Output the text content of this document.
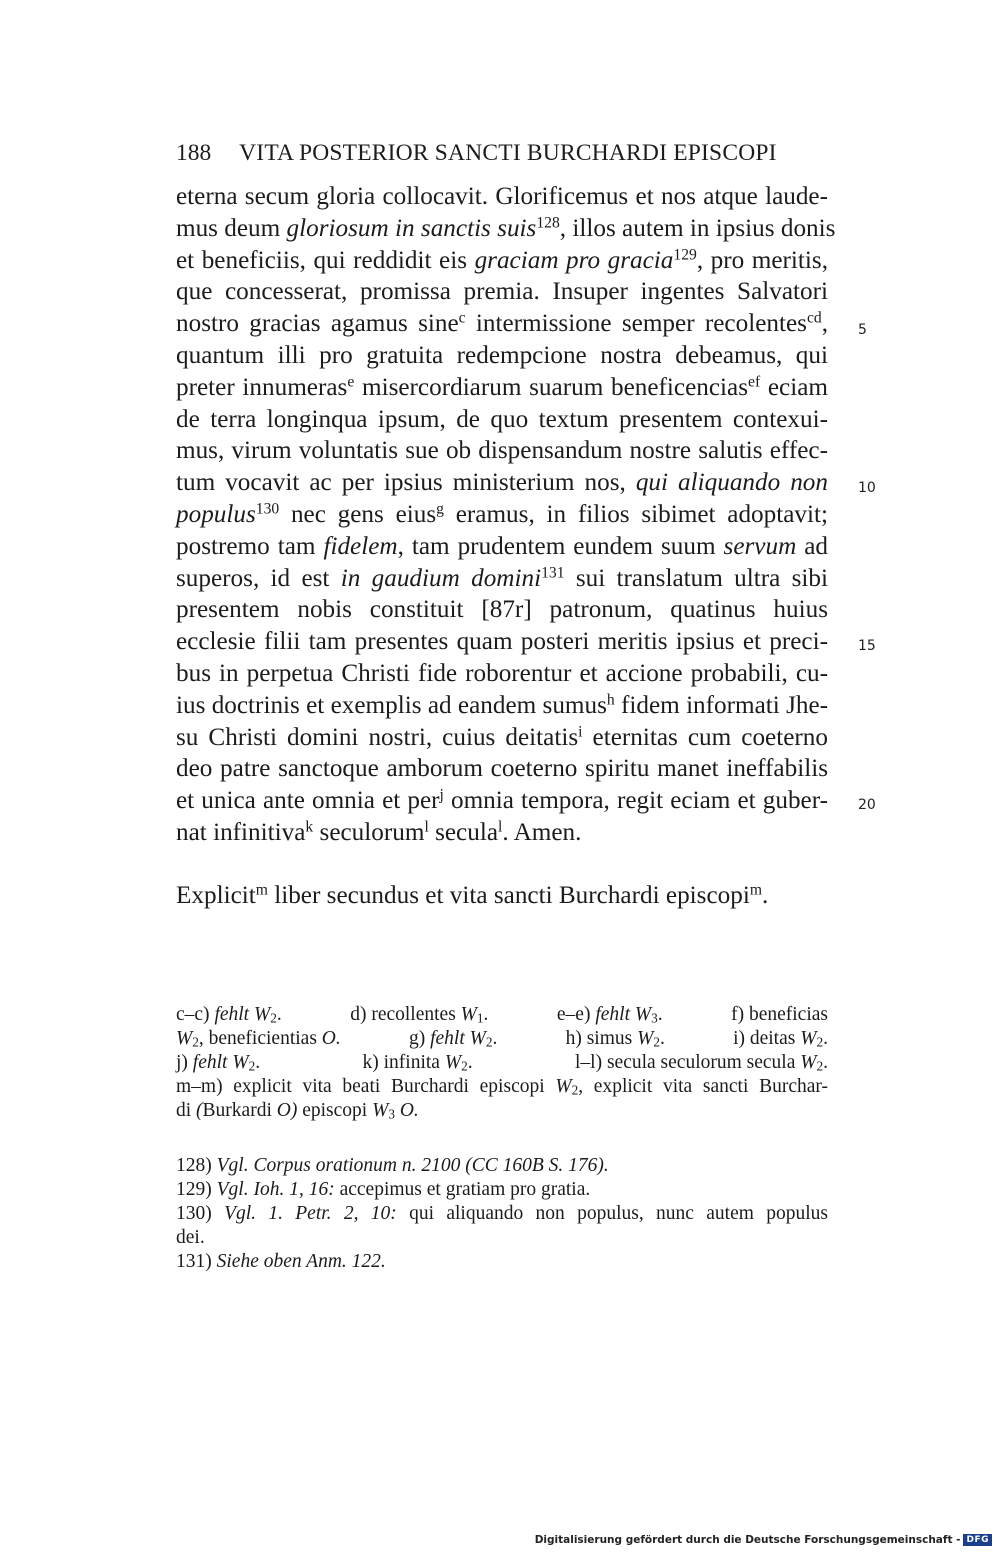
188 VITA POSTERIOR SANCTI BURCHARDI EPISCOPI
eterna secum gloria collocavit. Glorificemus et nos atque laude-
mus deum gloriosum in sanctis suis$^{128}$, illos autem in ipsius donis
et beneficiis, qui reddidit eis graciam pro gracia$^{129}$, pro meritis,
que concesserat, promissa premia. Insuper ingentes Salvatori
nostro gracias agamus sine$^c$ intermissione semper recolentes$^{cd}$,
quantum illi pro gratuita redempcione nostra debeamus, qui
preter innumeras$^e$ misercordiarum suarum beneficencias$^{ef}$ eciam
de terra longinqua ipsum, de quo textum presentem contexui-
mus, virum voluntatis sue ob dispensandum nostre salutis effec-
tum vocavit ac per ipsius ministerium nos, qui aliquando non
populus$^{130}$ nec gens eius$^g$ eramus, in filios sibimet adoptavit;
postremo tam fidelem, tam prudentem eundem suum servum ad
superos, id est in gaudium domini$^{131}$ sui translatum ultra sibi
presentem nobis constituit [87r] patronum, quatinus huius
ecclesie filii tam presentes quam posteri meritis ipsius et preci-
bus in perpetua Christi fide roborentur et accione probabili, cu-
ius doctrinis et exemplis ad eandem sumus$^h$ fidem informati Jhe-
su Christi domini nostri, cuius deitatis$^i$ eternitas cum coeterno
deo patre sanctoque amborum coeterno spiritu manet ineffabilis
et unica ante omnia et per$^j$ omnia tempora, regit eciam et guber-
nat infinitiva$^k$ seculorum$^l$ secula$^l$. Amen.
5
10
15
20
Explicit$^m$ liber secundus et vita sancti Burchardi episcopi$^m$.
c–c) fehlt $W_2$.	d) recollentes $W_1$.	e–e) fehlt $W_3$.	f) beneficias
$W_2$, beneficientias O.	g) fehlt $W_2$.	h) simus $W_2$.	i) deitas $W_2$.
j) fehlt $W_2$.	k) infinita $W_2$.	l–l) secula seculorum secula $W_2$.
m–m) explicit vita beati Burchardi episcopi $W_2$, explicit vita sancti Burchar-
di (Burkardi O) episcopi $W_3$ O.
128) Vgl. Corpus orationum n. 2100 (CC 160B S. 176).
129) Vgl. Ioh. 1, 16: accepimus et gratiam pro gratia.
130) Vgl. 1. Petr. 2, 10: qui aliquando non populus, nunc autem populus
dei.
131) Siehe oben Anm. 122.
Digitalisierung gefördert durch die Deutsche Forschungsgemeinschaft - DFG
